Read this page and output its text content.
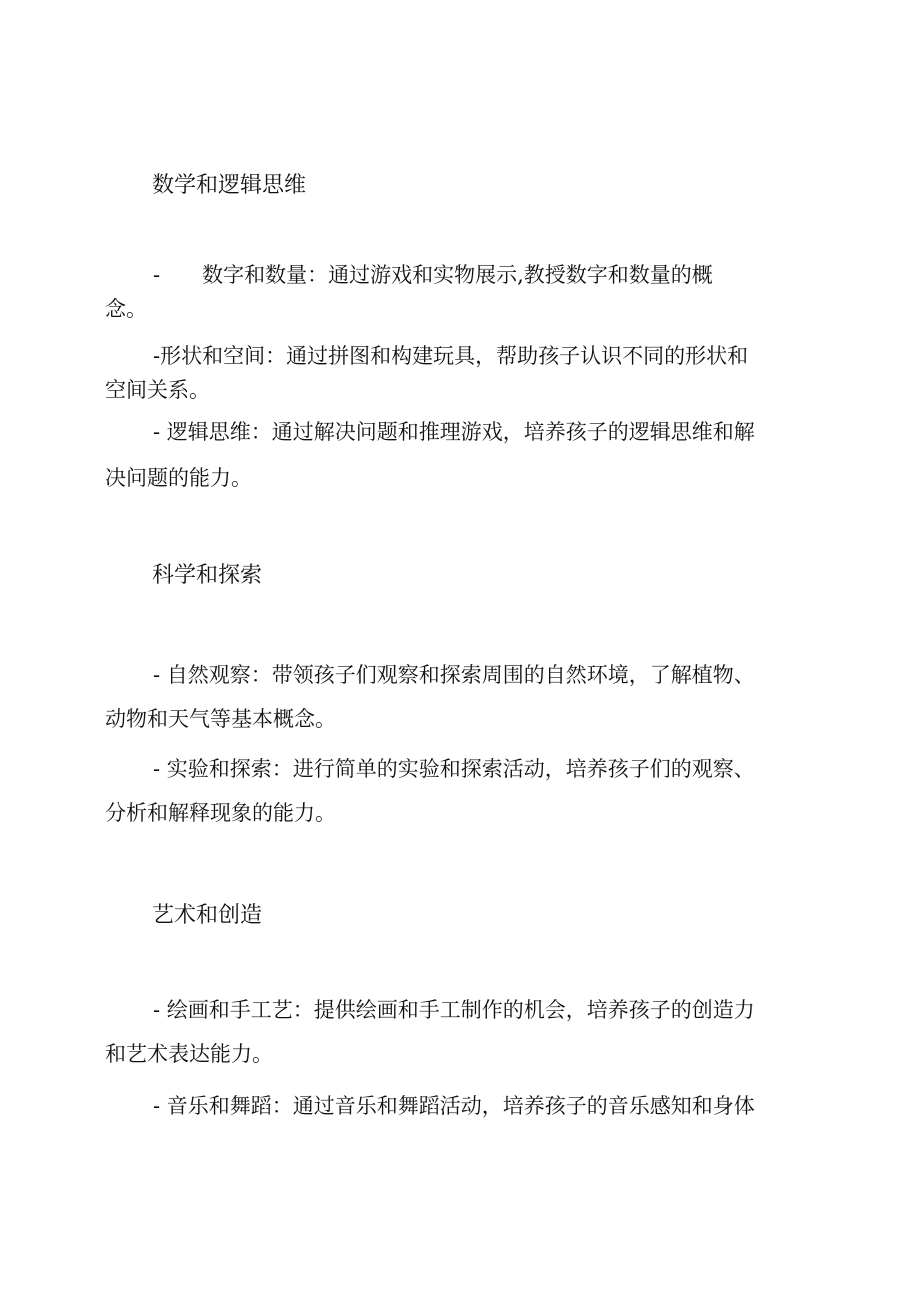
数学和逻辑思维

-　　数字和数量：通过游戏和实物展示,教授数字和数量的概
念。

-形状和空间：通过拼图和构建玩具，帮助孩子认识不同的形状和
空间关系。

- 逻辑思维：通过解决问题和推理游戏，培养孩子的逻辑思维和解
决问题的能力。

科学和探索

- 自然观察：带领孩子们观察和探索周围的自然环境，了解植物、
动物和天气等基本概念。

- 实验和探索：进行简单的实验和探索活动，培养孩子们的观察、
分析和解释现象的能力。

艺术和创造

- 绘画和手工艺：提供绘画和手工制作的机会，培养孩子的创造力
和艺术表达能力。

- 音乐和舞蹈：通过音乐和舞蹈活动，培养孩子的音乐感知和身体
